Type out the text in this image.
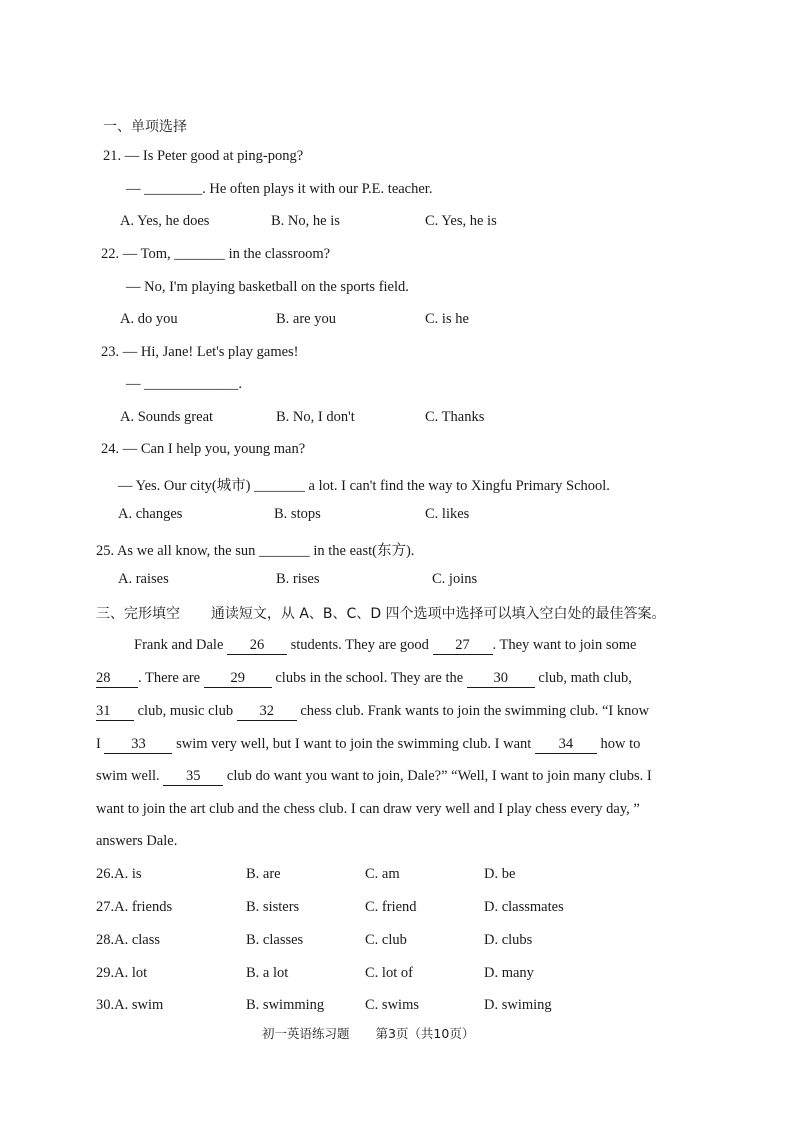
一、单项选择
21. — Is Peter good at ping-pong?
— ________. He often plays it with our P.E. teacher.
A. Yes, he does	B. No, he is	C. Yes, he is
22. — Tom, _______ in the classroom?
— No, I'm playing basketball on the sports field.
A. do you	B. are you	C. is he
23. — Hi, Jane! Let's play games!
— _____________.
A. Sounds great	B. No, I don't	C. Thanks
24. — Can I help you, young man?
— Yes. Our city(城市) _______ a lot. I can't find the way to Xingfu Primary School.
A. changes	B. stops	C. likes
25. As we all know, the sun _______ in the east(东方).
A. raises	B. rises	C. joins
三、完形填空 通读短文，从 A、B、C、D 四个选项中选择可以填入空白处的最佳答案。
Frank and Dale 26 students. They are good 27 . They want to join some
28 . There are 29 clubs in the school. They are the 30 club, math club,
31 club, music club 32 chess club. Frank wants to join the swimming club. “I know
I 33 swim very well, but I want to join the swimming club. I want 34 how to
swim well. 35 club do want you want to join, Dale?” “Well, I want to join many clubs. I
want to join the art club and the chess club. I can draw very well and I play chess every day, ”
answers Dale.
26.A. is	B. are	C. am	D. be
27.A. friends	B. sisters	C. friend	D. classmates
28.A. class	B. classes	C. club	D. clubs
29.A. lot	B. a lot	C. lot of	D. many
30.A. swim	B. swimming	C. swims	D. swiming
初一英语练习题 第3页（共10页）
